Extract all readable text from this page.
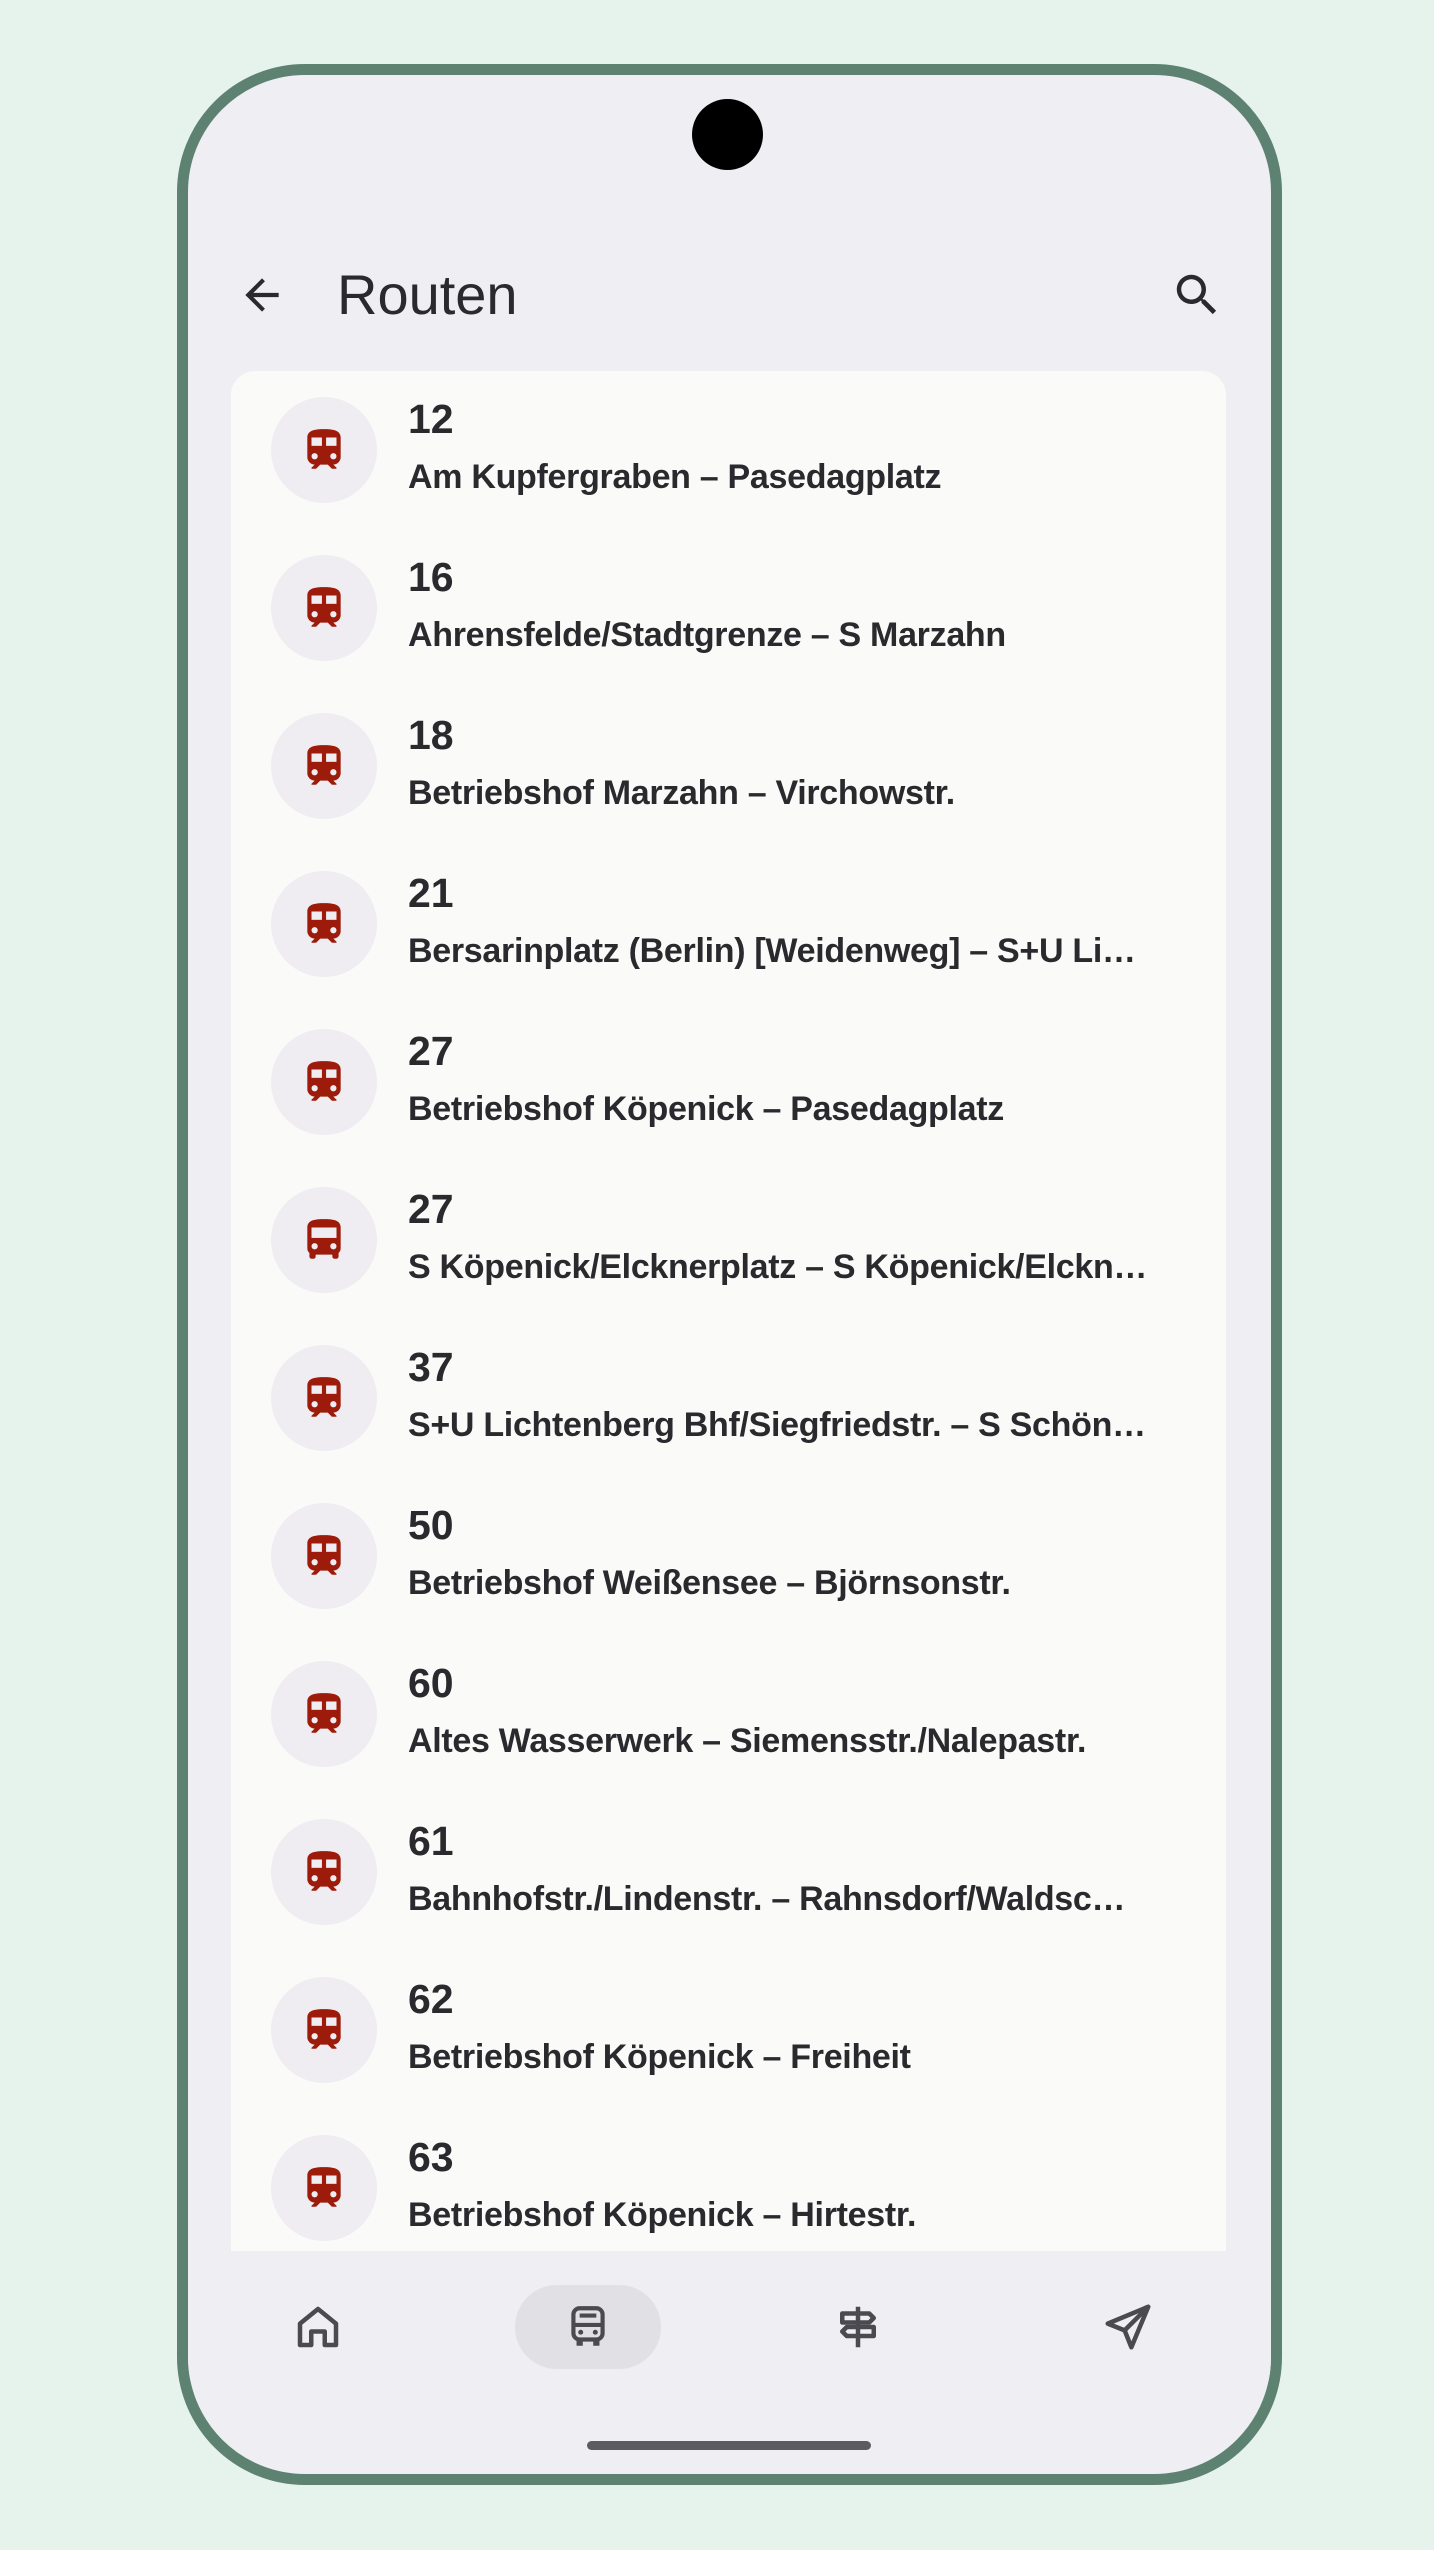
Routen
12
Am Kupfergraben – Pasedagplatz
16
Ahrensfelde/Stadtgrenze – S Marzahn
18
Betriebshof Marzahn – Virchowstr.
21
Bersarinplatz (Berlin) [Weidenweg] – S+U Li…
27
Betriebshof Köpenick – Pasedagplatz
27
S Köpenick/Elcknerplatz – S Köpenick/Elckn…
37
S+U Lichtenberg Bhf/Siegfriedstr. – S Schön…
50
Betriebshof Weißensee – Björnsonstr.
60
Altes Wasserwerk – Siemensstr./Nalepastr.
61
Bahnhofstr./Lindenstr. – Rahnsdorf/Waldsc…
62
Betriebshof Köpenick – Freiheit
63
Betriebshof Köpenick – Hirtestr.
